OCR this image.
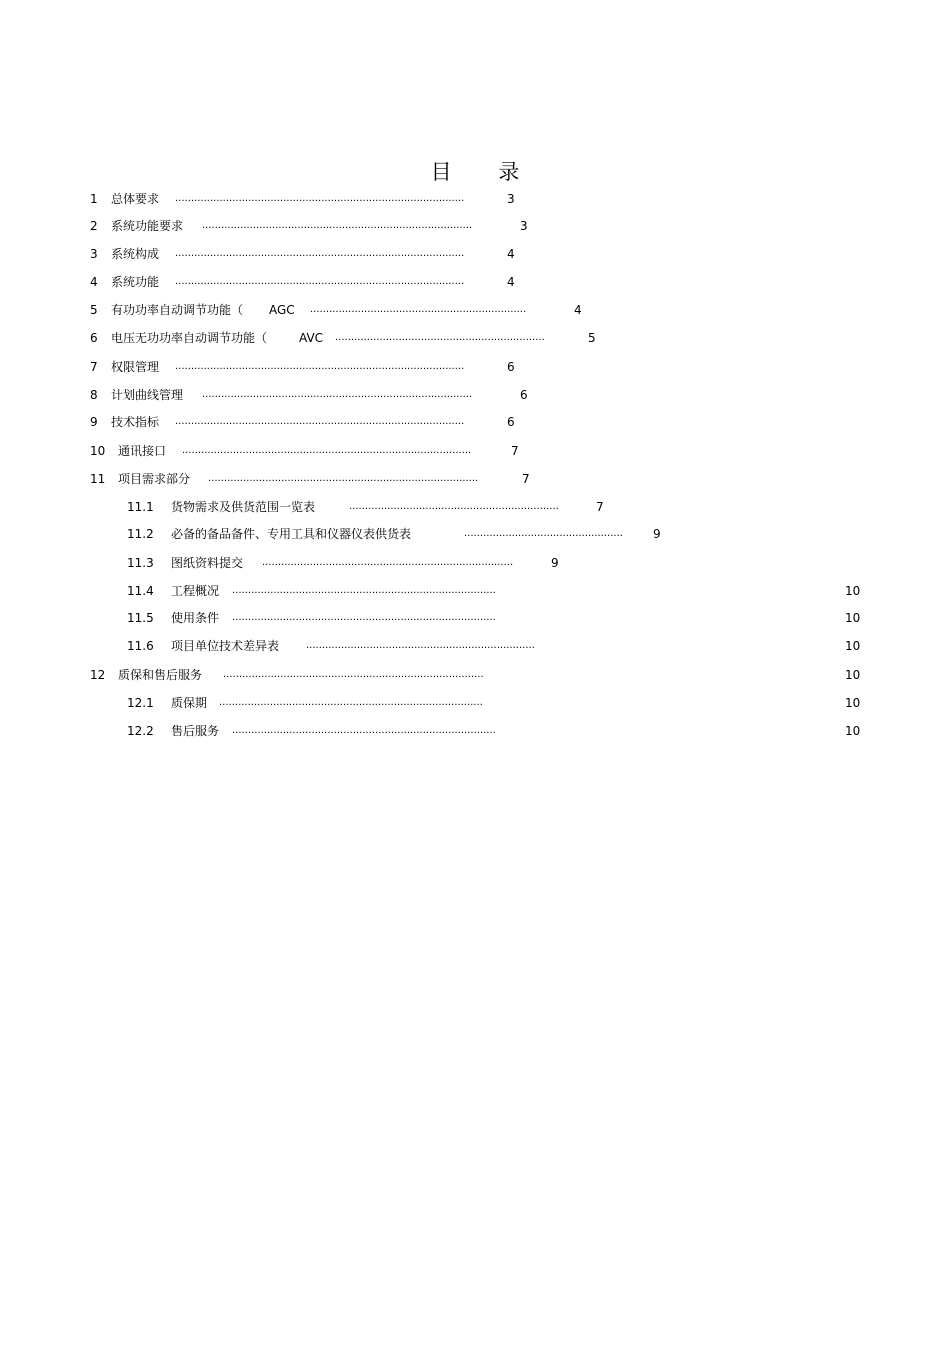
目 录
1 总体要求 ...........................................................................................	3
2 系统功能要求 .....................................................................................	3
3 系统构成 ...........................................................................................	4
4 系统功能 ...........................................................................................	4
5 有功功率自动调节功能（ AGC ....................................................................	4
6 电压无功功率自动调节功能（	AVC ..................................................................	5
7 权限管理 ...........................................................................................	6
8 计划曲线管理 .....................................................................................	6
9 技术指标 ...........................................................................................	6
10 通讯接口 ...........................................................................................	7
11 项目需求部分 .....................................................................................	7
11.1 货物需求及供货范围一览表	..................................................................	7
11.2 必备的备品备件、专用工具和仪器仪表供货表	..................................................	9
11.3 图纸资料提交 ...............................................................................	9
11.4 工程概况 ...................................................................................	10
11.5 使用条件 ...................................................................................	10
11.6 项目单位技术差异表	........................................................................	10
12 质保和售后服务 ..................................................................................	10
12.1 质保期 ...................................................................................	10
12.2 售后服务 ...................................................................................	10
